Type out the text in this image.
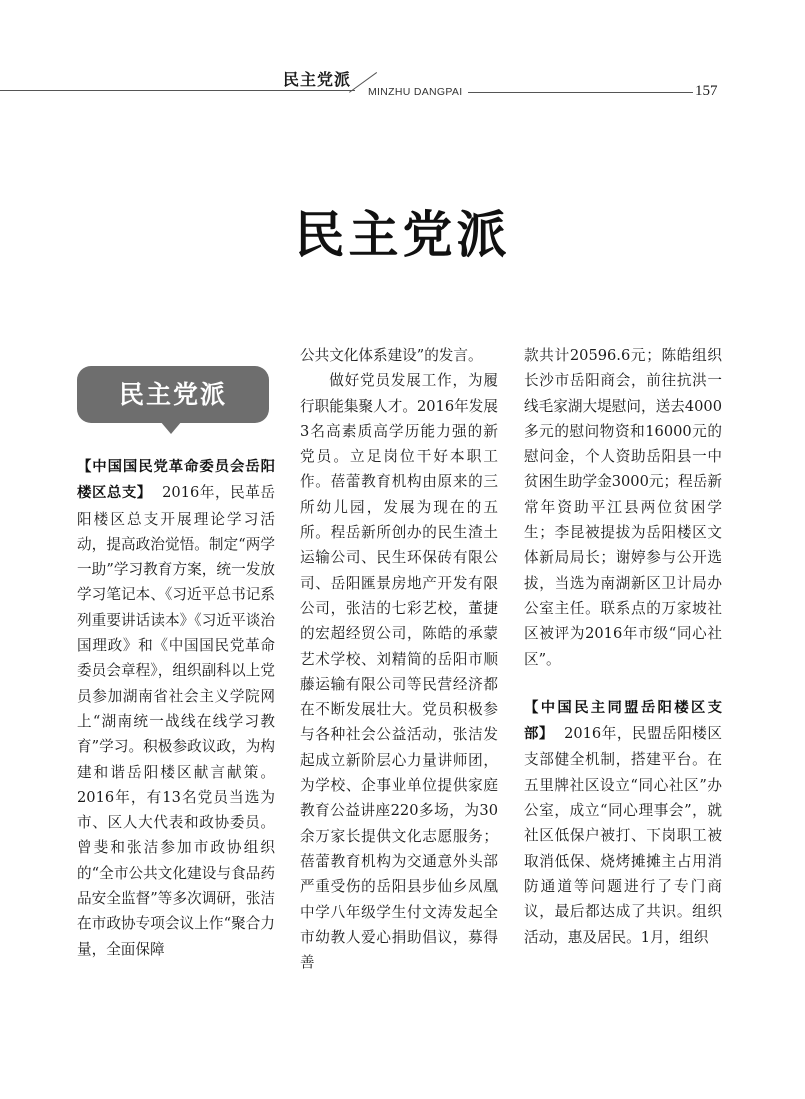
民主党派
MINZHU DANGPAI	157
民主党派
民主党派

【中国国民党革命委员会岳阳楼区总支】 2016年，民革岳阳楼区总支开展理论学习活动，提高政治觉悟。制定“两学一助”学习教育方案，统一发放学习笔记本、《习近平总书记系列重要讲话读本》《习近平谈治国理政》和《中国国民党革命委员会章程》，组织副科以上党员参加湖南省社会主义学院网上“湖南统一战线在线学习教育”学习。积极参政议政，为构建和谐岳阳楼区献言献策。2016年，有13名党员当选为市、区人大代表和政协委员。曾斐和张洁参加市政协组织的“全市公共文化建设与食品药品安全监督”等多次调研，张洁在市政协专项会议上作“聚合力量，全面保障

公共文化体系建设”的发言。

做好党员发展工作，为履行职能集聚人才。2016年发展3名高素质高学历能力强的新党员。立足岗位干好本职工作。蓓蕾教育机构由原来的三所幼儿园，发展为现在的五所。程岳新所创办的民生渣土运输公司、民生环保砖有限公司、岳阳匯景房地产开发有限公司，张洁的七彩艺校，董捷的宏超经贸公司，陈皓的承蒙艺术学校、刘精简的岳阳市顺藤运输有限公司等民营经济都在不断发展壮大。党员积极参与各种社会公益活动，张洁发起成立新阶层心力量讲师团，为学校、企事业单位提供家庭教育公益讲座220多场，为30余万家长提供文化志愿服务；蓓蕾教育机构为交通意外头部严重受伤的岳阳县步仙乡凤凰中学八年级学生付文涛发起全市幼教人爱心捐助倡议，募得善

款共计20596.6元；陈皓组织长沙市岳阳商会，前往抗洪一线毛家湖大堤慰问，送去4000多元的慰问物资和16000元的慰问金，个人资助岳阳县一中贫困生助学金3000元；程岳新常年资助平江县两位贫困学生；李昆被提拔为岳阳楼区文体新局局长；谢婷参与公开选拔，当选为南湖新区卫计局办公室主任。联系点的万家坡社区被评为2016年市级“同心社区”。

【中国民主同盟岳阳楼区支部】 2016年，民盟岳阳楼区支部健全机制，搭建平台。在五里牌社区设立“同心社区”办公室，成立“同心理事会”，就社区低保户被打、下岗职工被取消低保、烧烤摊摊主占用消防通道等问题进行了专门商议，最后都达成了共识。组织活动，惠及居民。1月，组织
